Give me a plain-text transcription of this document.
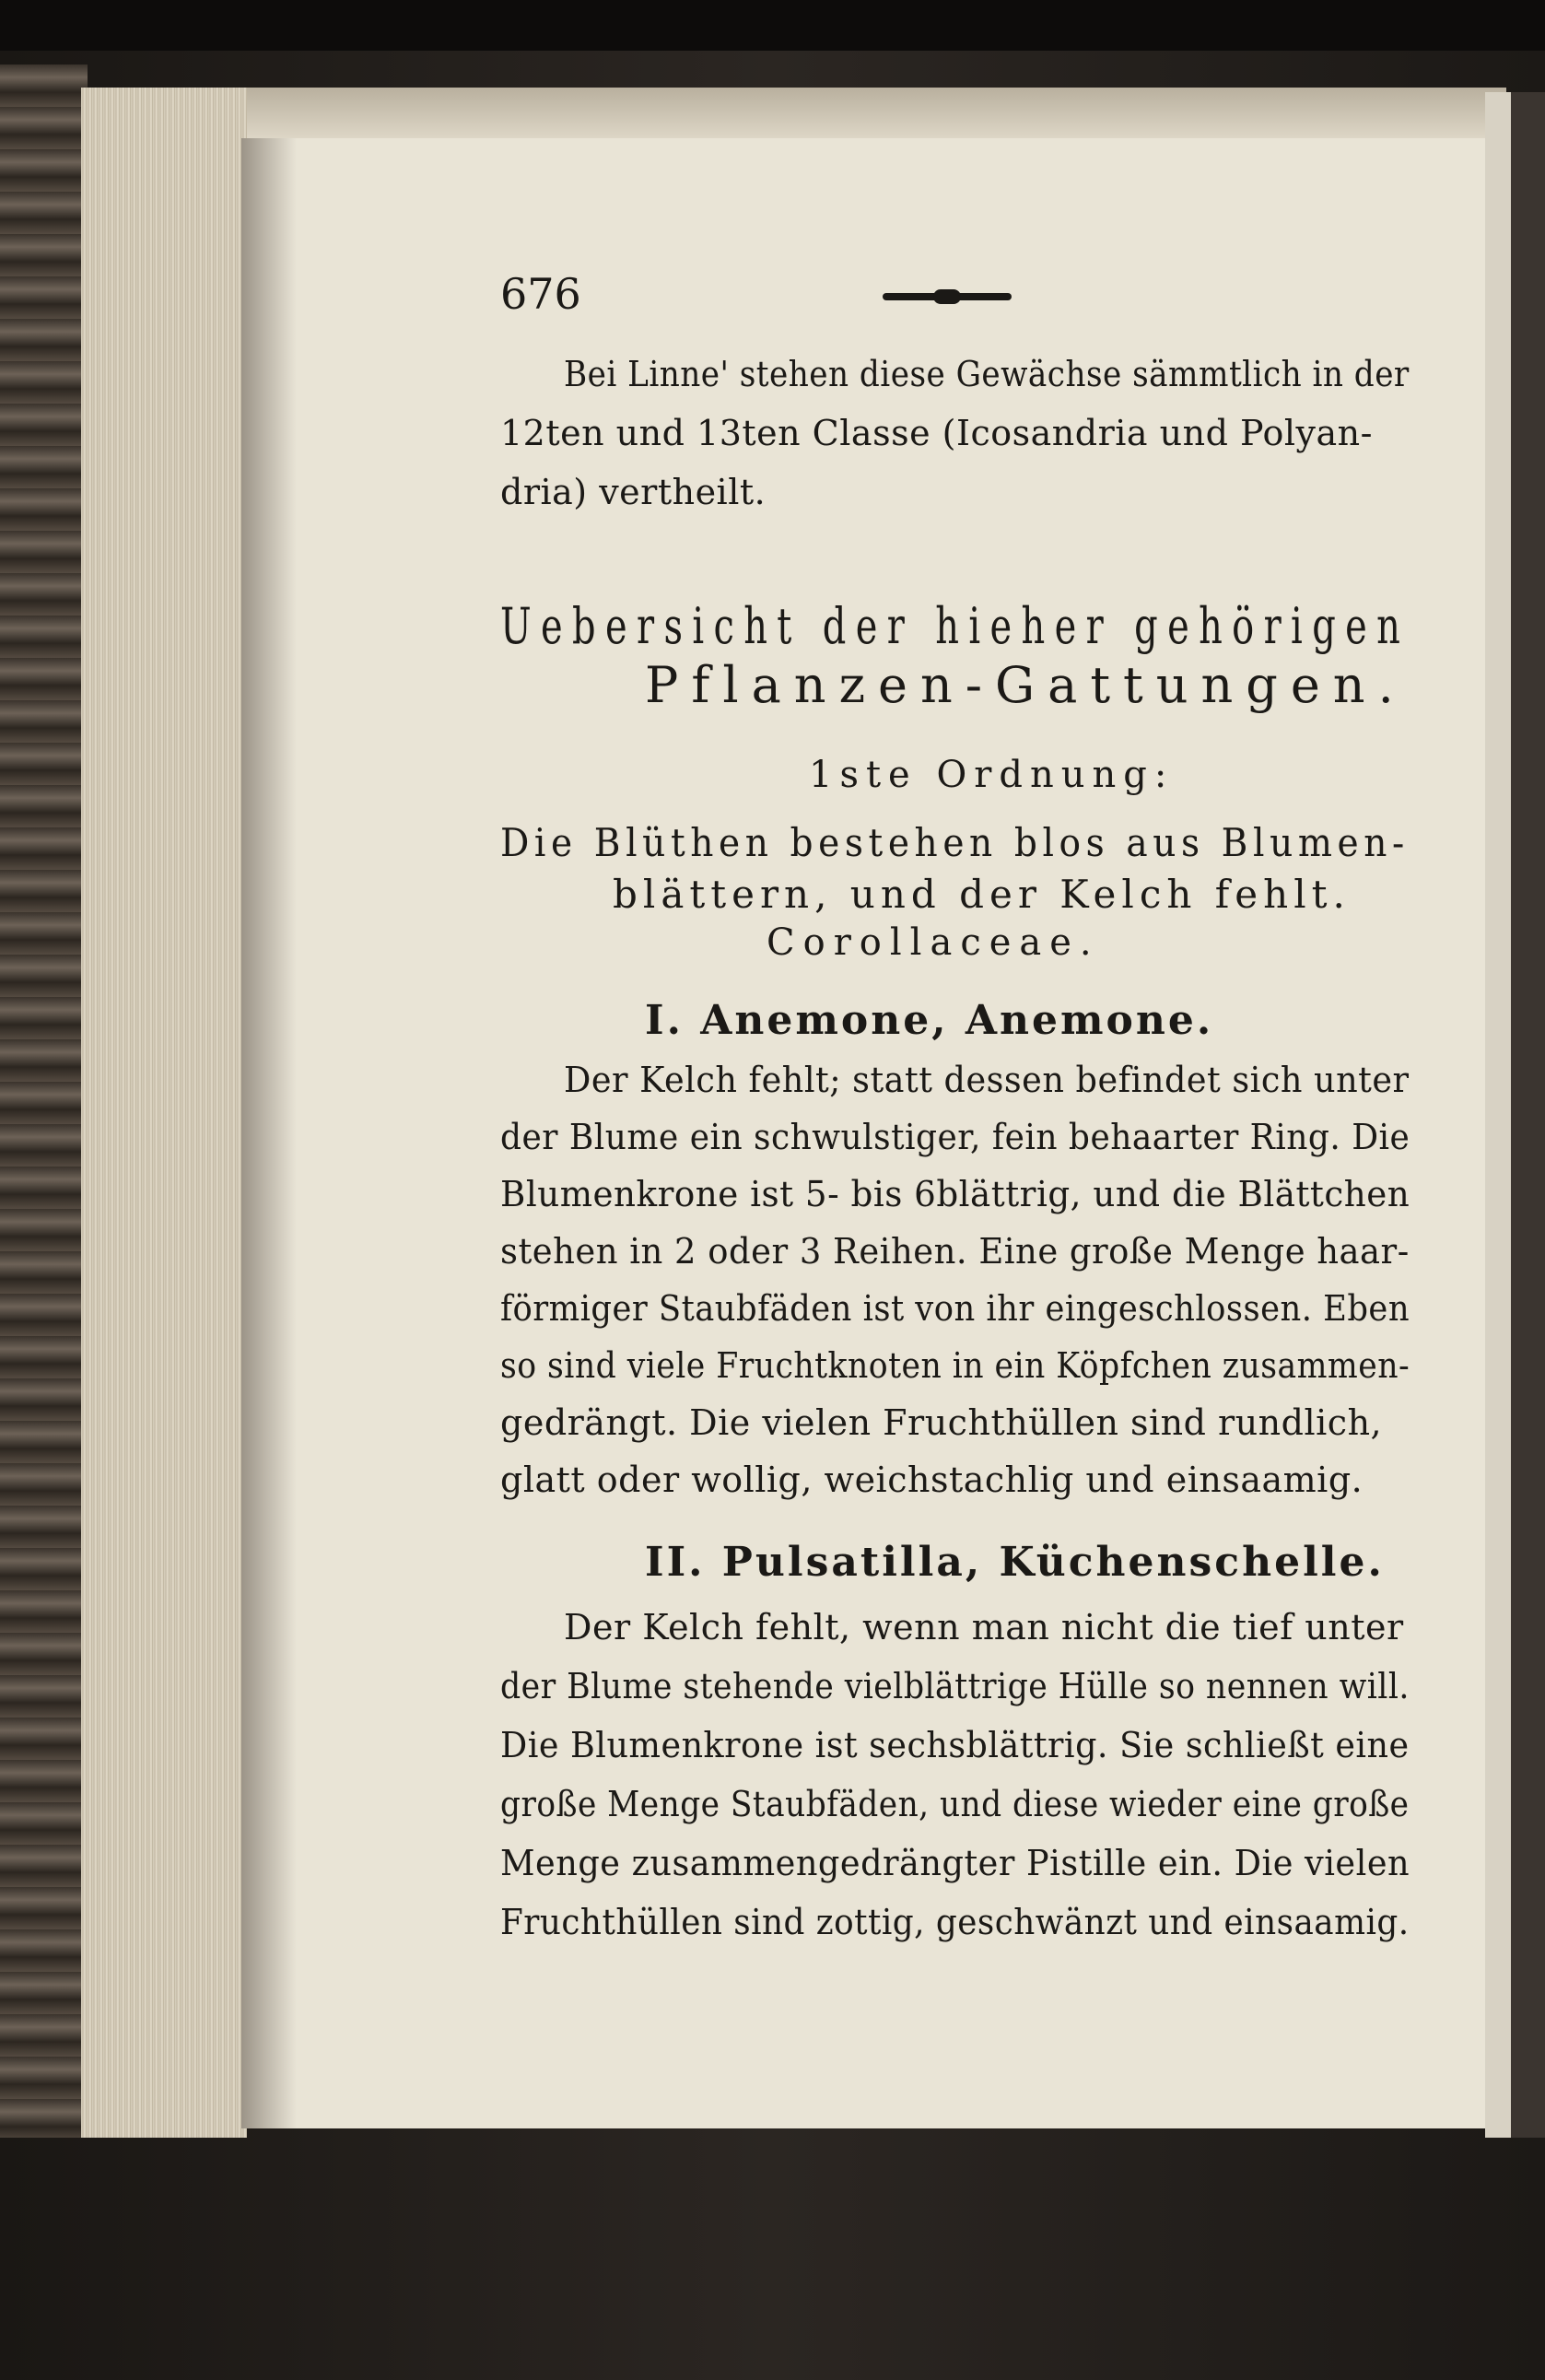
676
Bei Linne' stehen diese Gewächse sämmtlich in der
12ten und 13ten Classe (Icosandria und Polyan-
dria) vertheilt.
Uebersicht der hieher gehörigen
Pflanzen-Gattungen.
1ste Ordnung:
Die Blüthen bestehen blos aus Blumen-
blättern, und der Kelch fehlt.
Corollaceae.
I. Anemone, Anemone.
Der Kelch fehlt; statt dessen befindet sich unter
der Blume ein schwulstiger, fein behaarter Ring. Die
Blumenkrone ist 5- bis 6blättrig, und die Blättchen
stehen in 2 oder 3 Reihen. Eine große Menge haar-
förmiger Staubfäden ist von ihr eingeschlossen. Eben
so sind viele Fruchtknoten in ein Köpfchen zusammen-
gedrängt. Die vielen Fruchthüllen sind rundlich,
glatt oder wollig, weichstachlig und einsaamig.
II. Pulsatilla, Küchenschelle.
Der Kelch fehlt, wenn man nicht die tief unter
der Blume stehende vielblättrige Hülle so nennen will.
Die Blumenkrone ist sechsblättrig. Sie schließt eine
große Menge Staubfäden, und diese wieder eine große
Menge zusammengedrängter Pistille ein. Die vielen
Fruchthüllen sind zottig, geschwänzt und einsaamig.
